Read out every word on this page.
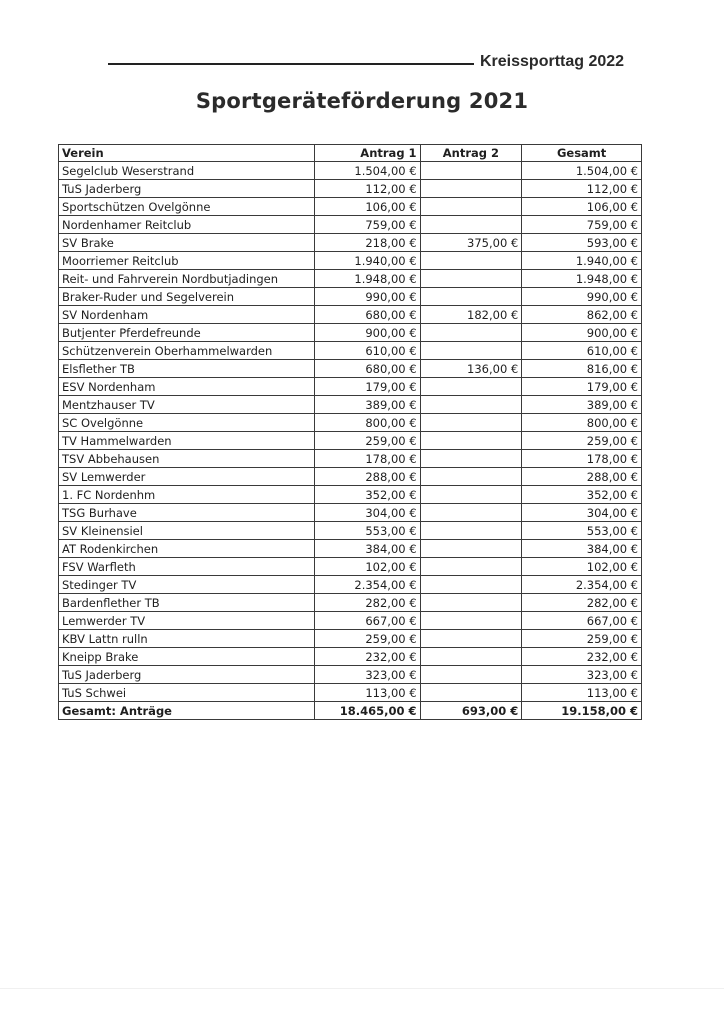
Kreissporttag 2022
Sportgeräteförderung 2021
Verein	Antrag 1	Antrag 2	Gesamt
Segelclub Weserstrand	1.504,00 €		1.504,00 €
TuS Jaderberg	112,00 €		112,00 €
Sportschützen Ovelgönne	106,00 €		106,00 €
Nordenhamer Reitclub	759,00 €		759,00 €
SV Brake	218,00 €	375,00 €	593,00 €
Moorriemer Reitclub	1.940,00 €		1.940,00 €
Reit- und Fahrverein Nordbutjadingen	1.948,00 €		1.948,00 €
Braker-Ruder und Segelverein	990,00 €		990,00 €
SV Nordenham	680,00 €	182,00 €	862,00 €
Butjenter Pferdefreunde	900,00 €		900,00 €
Schützenverein Oberhammelwarden	610,00 €		610,00 €
Elsflether TB	680,00 €	136,00 €	816,00 €
ESV Nordenham	179,00 €		179,00 €
Mentzhauser TV	389,00 €		389,00 €
SC Ovelgönne	800,00 €		800,00 €
TV Hammelwarden	259,00 €		259,00 €
TSV Abbehausen	178,00 €		178,00 €
SV Lemwerder	288,00 €		288,00 €
1. FC Nordenhm	352,00 €		352,00 €
TSG Burhave	304,00 €		304,00 €
SV Kleinensiel	553,00 €		553,00 €
AT Rodenkirchen	384,00 €		384,00 €
FSV Warfleth	102,00 €		102,00 €
Stedinger TV	2.354,00 €		2.354,00 €
Bardenflether TB	282,00 €		282,00 €
Lemwerder TV	667,00 €		667,00 €
KBV Lattn rulln	259,00 €		259,00 €
Kneipp Brake	232,00 €		232,00 €
TuS Jaderberg	323,00 €		323,00 €
TuS Schwei	113,00 €		113,00 €
Gesamt: Anträge	18.465,00 €	693,00 €	19.158,00 €
